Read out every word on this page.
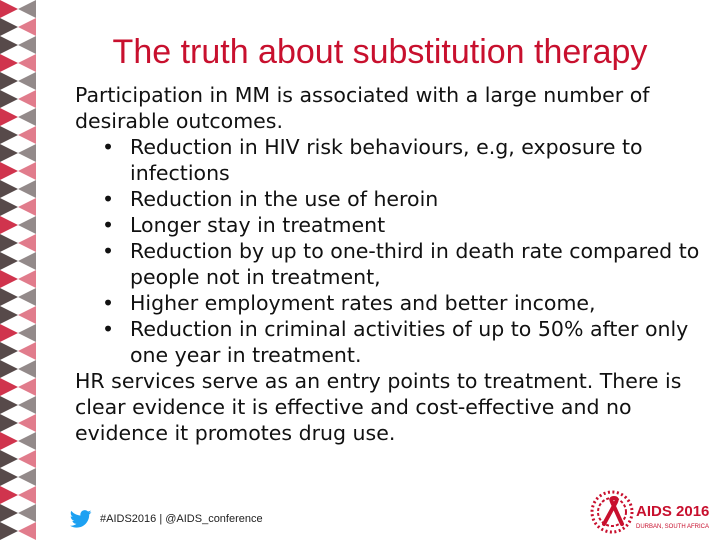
The truth about substitution therapy

Participation in MM is associated with a large number of desirable outcomes.

• Reduction in HIV risk behaviours, e.g, exposure to infections
• Reduction in the use of heroin
• Longer stay in treatment
• Reduction by up to one-third in death rate compared to people not in treatment,
• Higher employment rates and better income,
• Reduction in criminal activities of up to 50% after only one year in treatment.

HR services serve as an entry points to treatment. There is clear evidence it is effective and cost-effective and no evidence it promotes drug use.

#AIDS2016 | @AIDS_conference	AIDS 2016
DURBAN, SOUTH AFRICA
